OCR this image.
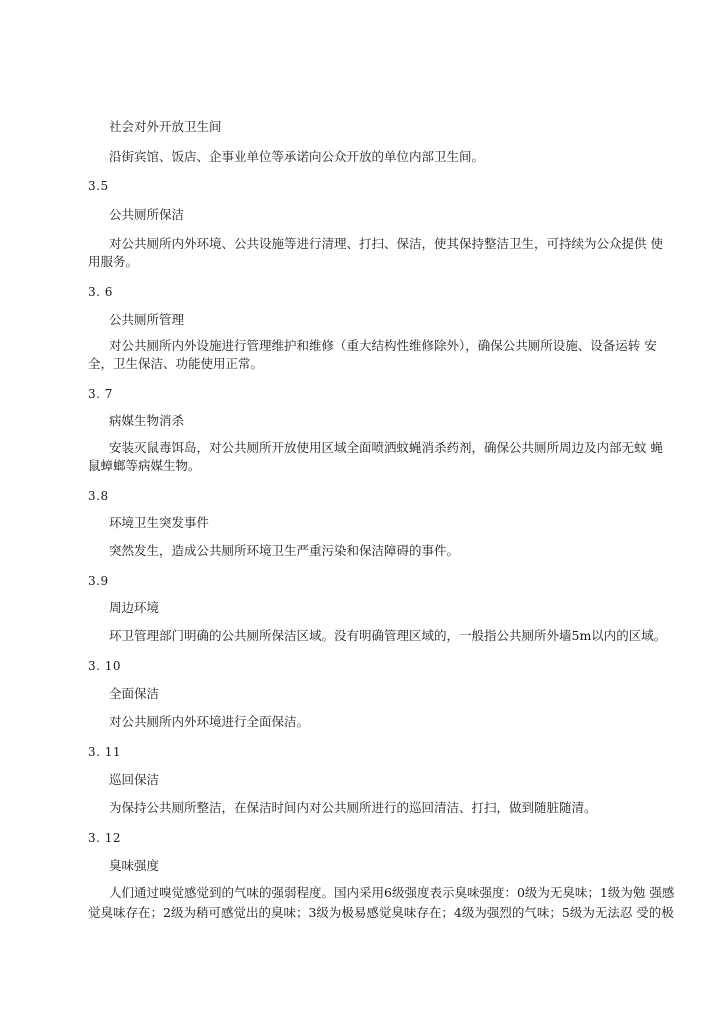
社会对外开放卫生间
沿街宾馆、饭店、企事业单位等承诺向公众开放的单位内部卫生间。
3.5
公共厕所保洁
对公共厕所内外环境、公共设施等进行清理、打扫、保洁，使其保持整洁卫生，可持续为公众提供 使
用服务。
3. 6
公共厕所管理
对公共厕所内外设施进行管理维护和维修（重大结构性维修除外），确保公共厕所设施、设备运转 安
全，卫生保洁、功能使用正常。
3. 7
病媒生物消杀
安装灭鼠毒饵岛，对公共厕所开放使用区域全面喷洒蚊蝇消杀药剂，确保公共厕所周边及内部无蚊 蝇
鼠蟑螂等病媒生物。
3.8
环境卫生突发事件
突然发生，造成公共厕所环境卫生严重污染和保洁障碍的事件。
3.9
周边环境
环卫管理部门明确的公共厕所保洁区域。没有明确管理区域的，一般指公共厕所外墙5m以内的区域。
3. 10
全面保洁
对公共厕所内外环境进行全面保洁。
3. 11
巡回保洁
为保持公共厕所整洁，在保洁时间内对公共厕所进行的巡回清洁、打扫，做到随脏随清。
3. 12
臭味强度
人们通过嗅觉感觉到的气味的强弱程度。国内采用6级强度表示臭味强度：0级为无臭味；1级为勉 强感
觉臭味存在；2级为稍可感觉出的臭味；3级为极易感觉臭味存在；4级为强烈的气味；5级为无法忍 受的极
